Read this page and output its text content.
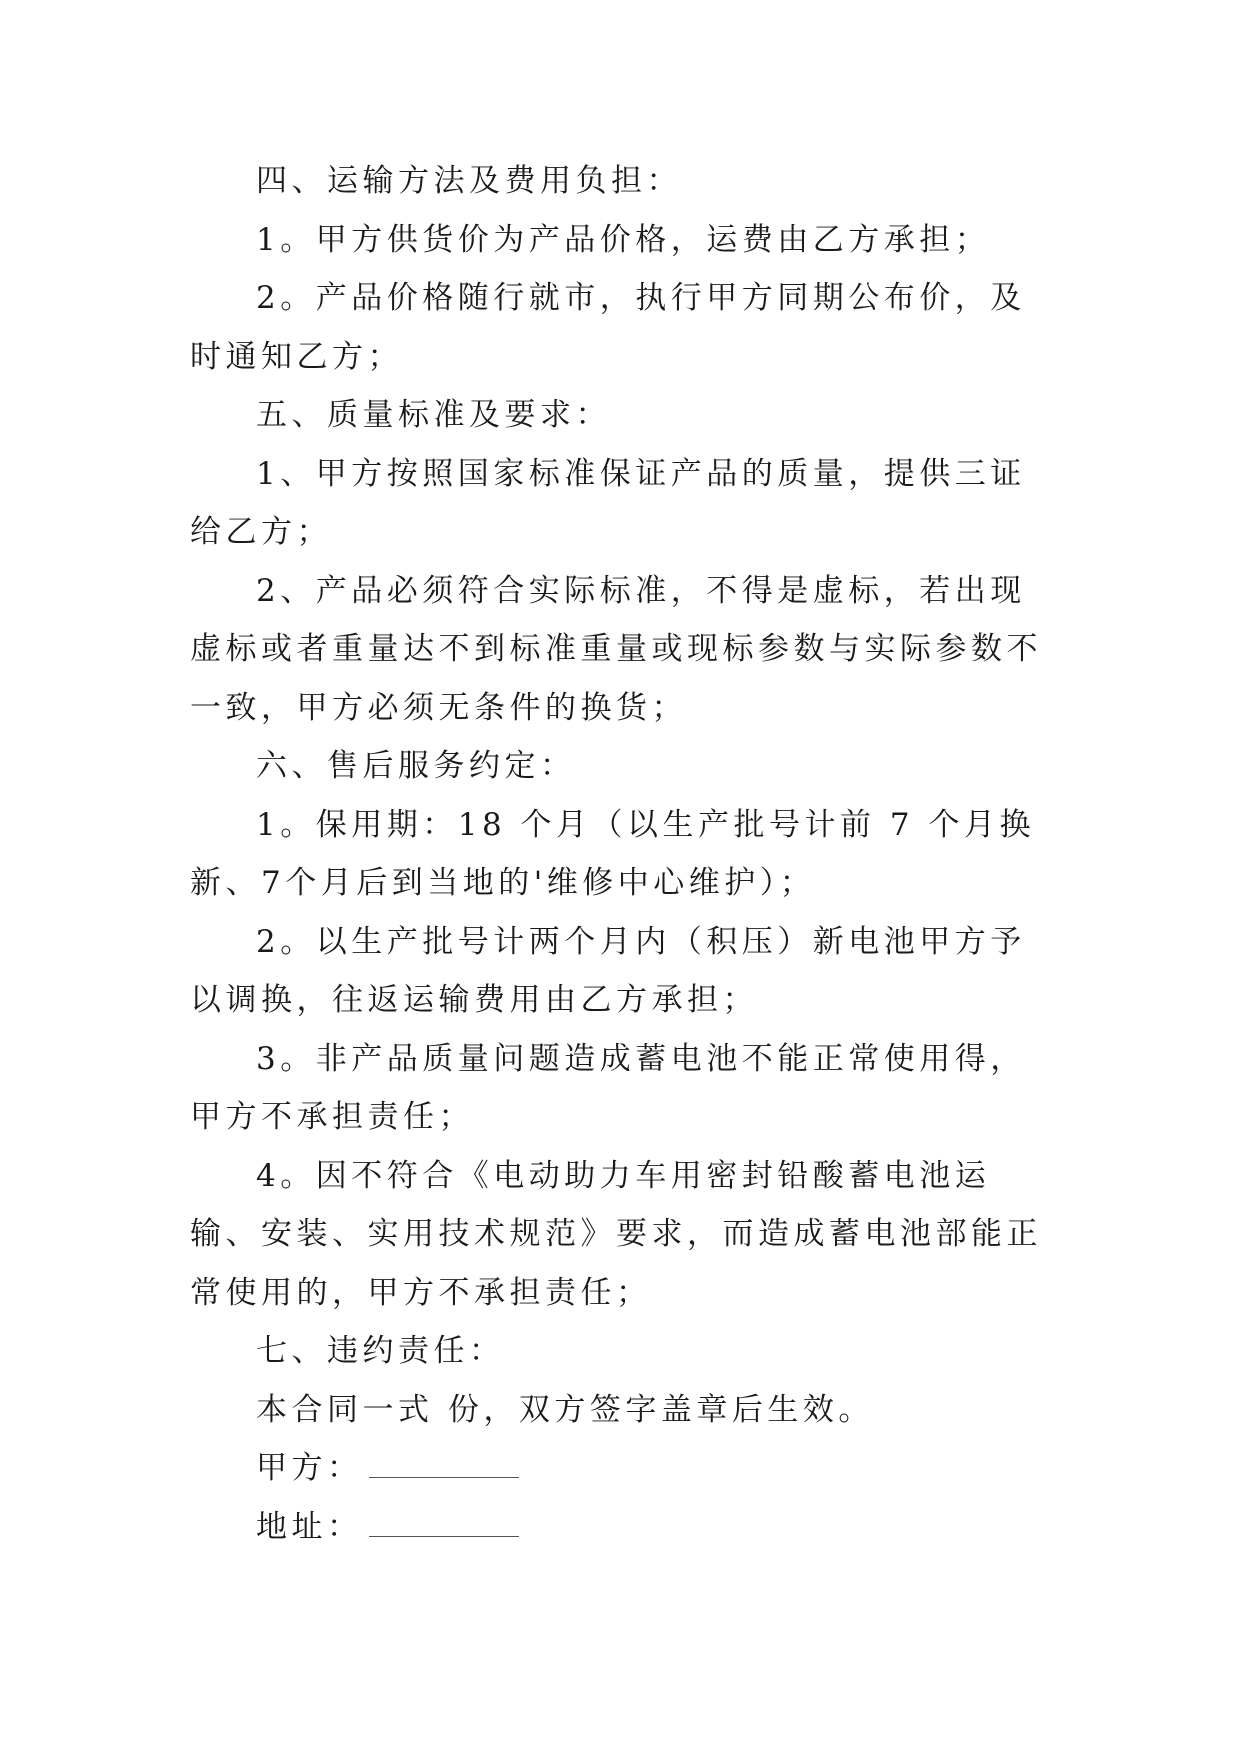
四、运输方法及费用负担：

1。甲方供货价为产品价格，运费由乙方承担；

2。产品价格随行就市，执行甲方同期公布价，及时通知乙方；

五、质量标准及要求：

1、甲方按照国家标准保证产品的质量，提供三证给乙方；

2、产品必须符合实际标准，不得是虚标，若出现虚标或者重量达不到标准重量或现标参数与实际参数不一致，甲方必须无条件的换货；

六、售后服务约定：

1。保用期：18 个月（以生产批号计前 7 个月换新、7个月后到当地的'维修中心维护）；

2。以生产批号计两个月内（积压）新电池甲方予以调换，往返运输费用由乙方承担；

3。非产品质量问题造成蓄电池不能正常使用得，甲方不承担责任；

4。因不符合《电动助力车用密封铅酸蓄电池运输、安装、实用技术规范》要求，而造成蓄电池部能正常使用的，甲方不承担责任；

七、违约责任：

本合同一式 份，双方签字盖章后生效。

甲方：

地址：
